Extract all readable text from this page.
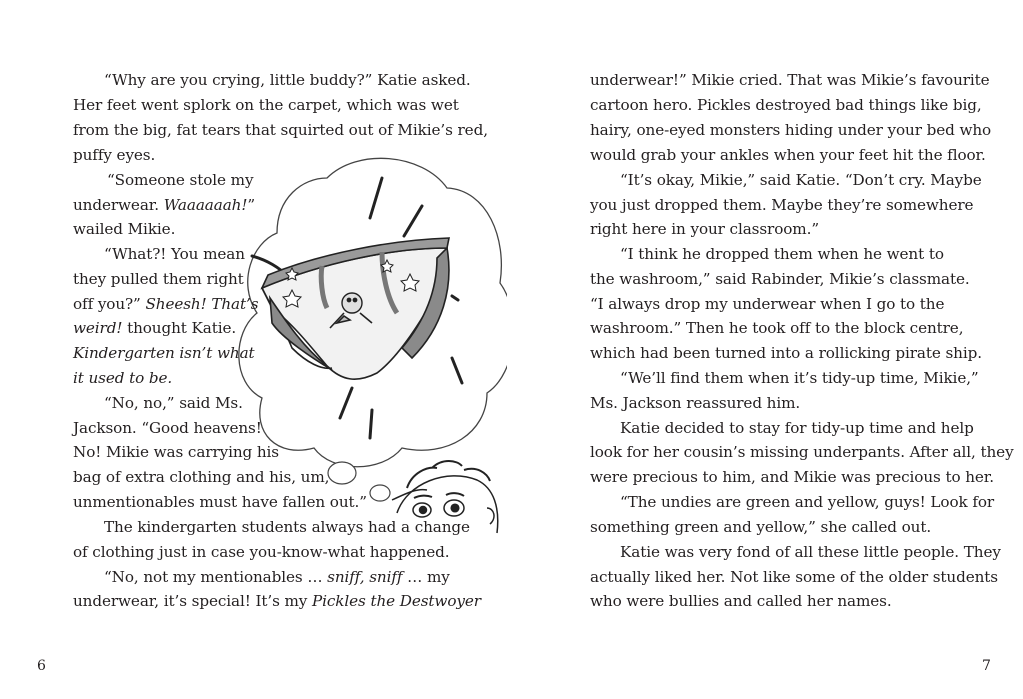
“Why are you crying, little buddy?” Katie asked.
Her feet went splork on the carpet, which was wet
from the big, fat tears that squirted out of Mikie’s red,
puffy eyes.
“Someone stole my
underwear. Waaaaaah!”
wailed Mikie.
“What?! You mean
they pulled them right
off you?” Sheesh! That’s
weird! thought Katie.
Kindergarten isn’t what
it used to be.
“No, no,” said Ms.
Jackson. “Good heavens!
No! Mikie was carrying his
bag of extra clothing and his, um,
unmentionables must have fallen out.”
The kindergarten students always had a change
of clothing just in case you-know-what happened.
“No, not my mentionables … sniff, sniff … my
underwear, it’s special! It’s my Pickles the Destwoyer
underwear!” Mikie cried. That was Mikie’s favourite
cartoon hero. Pickles destroyed bad things like big,
hairy, one-eyed monsters hiding under your bed who
would grab your ankles when your feet hit the floor.
“It’s okay, Mikie,” said Katie. “Don’t cry. Maybe
you just dropped them. Maybe they’re somewhere
right here in your classroom.”
“I think he dropped them when he went to
the washroom,” said Rabinder, Mikie’s classmate.
“I always drop my underwear when I go to the
washroom.” Then he took off to the block centre,
which had been turned into a rollicking pirate ship.
“We’ll find them when it’s tidy-up time, Mikie,”
Ms. Jackson reassured him.
Katie decided to stay for tidy-up time and help
look for her cousin’s missing underpants. After all, they
were precious to him, and Mikie was precious to her.
“The undies are green and yellow, guys! Look for
something green and yellow,” she called out.
Katie was very fond of all these little people. They
actually liked her. Not like some of the older students
who were bullies and called her names.
6	7
